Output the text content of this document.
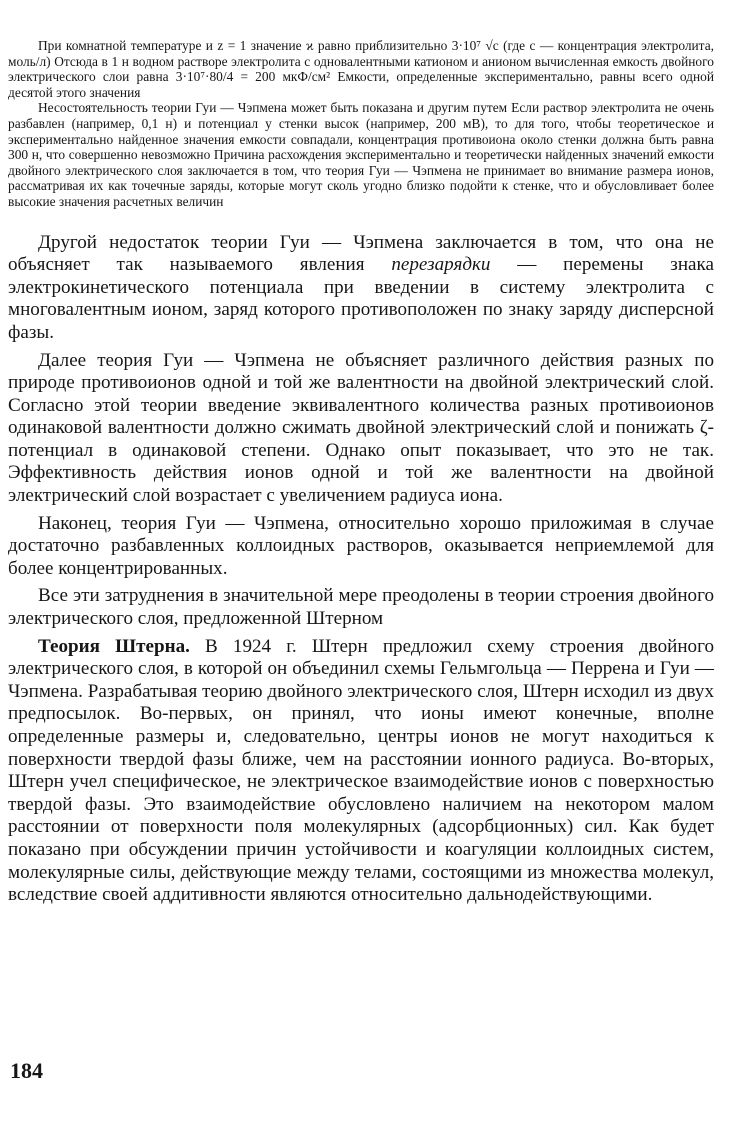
При комнатной температуре и z = 1 значение ϰ равно приблизительно 3·10⁷ √c (где c — концентрация электролита, моль/л) Отсюда в 1 н водном растворе электролита с одновалентными катионом и анионом вычисленная емкость двойного электрического слои равна 3·10⁷·80/4 = 200 мкФ/см² Емкости, определенные экспериментально, равны всего одной десятой этого значения

Несостоятельность теории Гуи — Чэпмена может быть показана и другим путем Если раствор электролита не очень разбавлен (например, 0,1 н) и потенциал у стенки высок (например, 200 мВ), то для того, чтобы теоретическое и экспериментально найденное значения емкости совпадали, концентрация противоиона около стенки должна быть равна 300 н, что совершенно невозможно Причина расхождения экспериментально и теоретически найденных значений емкости двойного электрического слоя заключается в том, что теория Гуи — Чэпмена не принимает во внимание размера ионов, рассматривая их как точечные заряды, которые могут сколь угодно близко подойти к стенке, что и обусловливает более высокие значения расчетных величин

Другой недостаток теории Гуи — Чэпмена заключается в том, что она не объясняет так называемого явления перезарядки — перемены знака электрокинетического потенциала при введении в систему электролита с многовалентным ионом, заряд которого противоположен по знаку заряду дисперсной фазы.

Далее теория Гуи — Чэпмена не объясняет различного действия разных по природе противоионов одной и той же валентности на двойной электрический слой. Согласно этой теории введение эквивалентного количества разных противоионов одинаковой валентности должно сжимать двойной электрический слой и понижать ζ-потенциал в одинаковой степени. Однако опыт показывает, что это не так. Эффективность действия ионов одной и той же валентности на двойной электрический слой возрастает с увеличением радиуса иона.

Наконец, теория Гуи — Чэпмена, относительно хорошо приложимая в случае достаточно разбавленных коллоидных растворов, оказывается неприемлемой для более концентрированных.

Все эти затруднения в значительной мере преодолены в теории строения двойного электрического слоя, предложенной Штерном

Теория Штерна. В 1924 г. Штерн предложил схему строения двойного электрического слоя, в которой он объединил схемы Гельмгольца — Перрена и Гуи — Чэпмена. Разрабатывая теорию двойного электрического слоя, Штерн исходил из двух предпосылок. Во-первых, он принял, что ионы имеют конечные, вполне определенные размеры и, следовательно, центры ионов не могут находиться к поверхности твердой фазы ближе, чем на расстоянии ионного радиуса. Во-вторых, Штерн учел специфическое, не электрическое взаимодействие ионов с поверхностью твердой фазы. Это взаимодействие обусловлено наличием на некотором малом расстоянии от поверхности поля молекулярных (адсорбционных) сил. Как будет показано при обсуждении причин устойчивости и коагуляции коллоидных систем, молекулярные силы, действующие между телами, состоящими из множества молекул, вследствие своей аддитивности являются относительно дальнодействующими.

184
